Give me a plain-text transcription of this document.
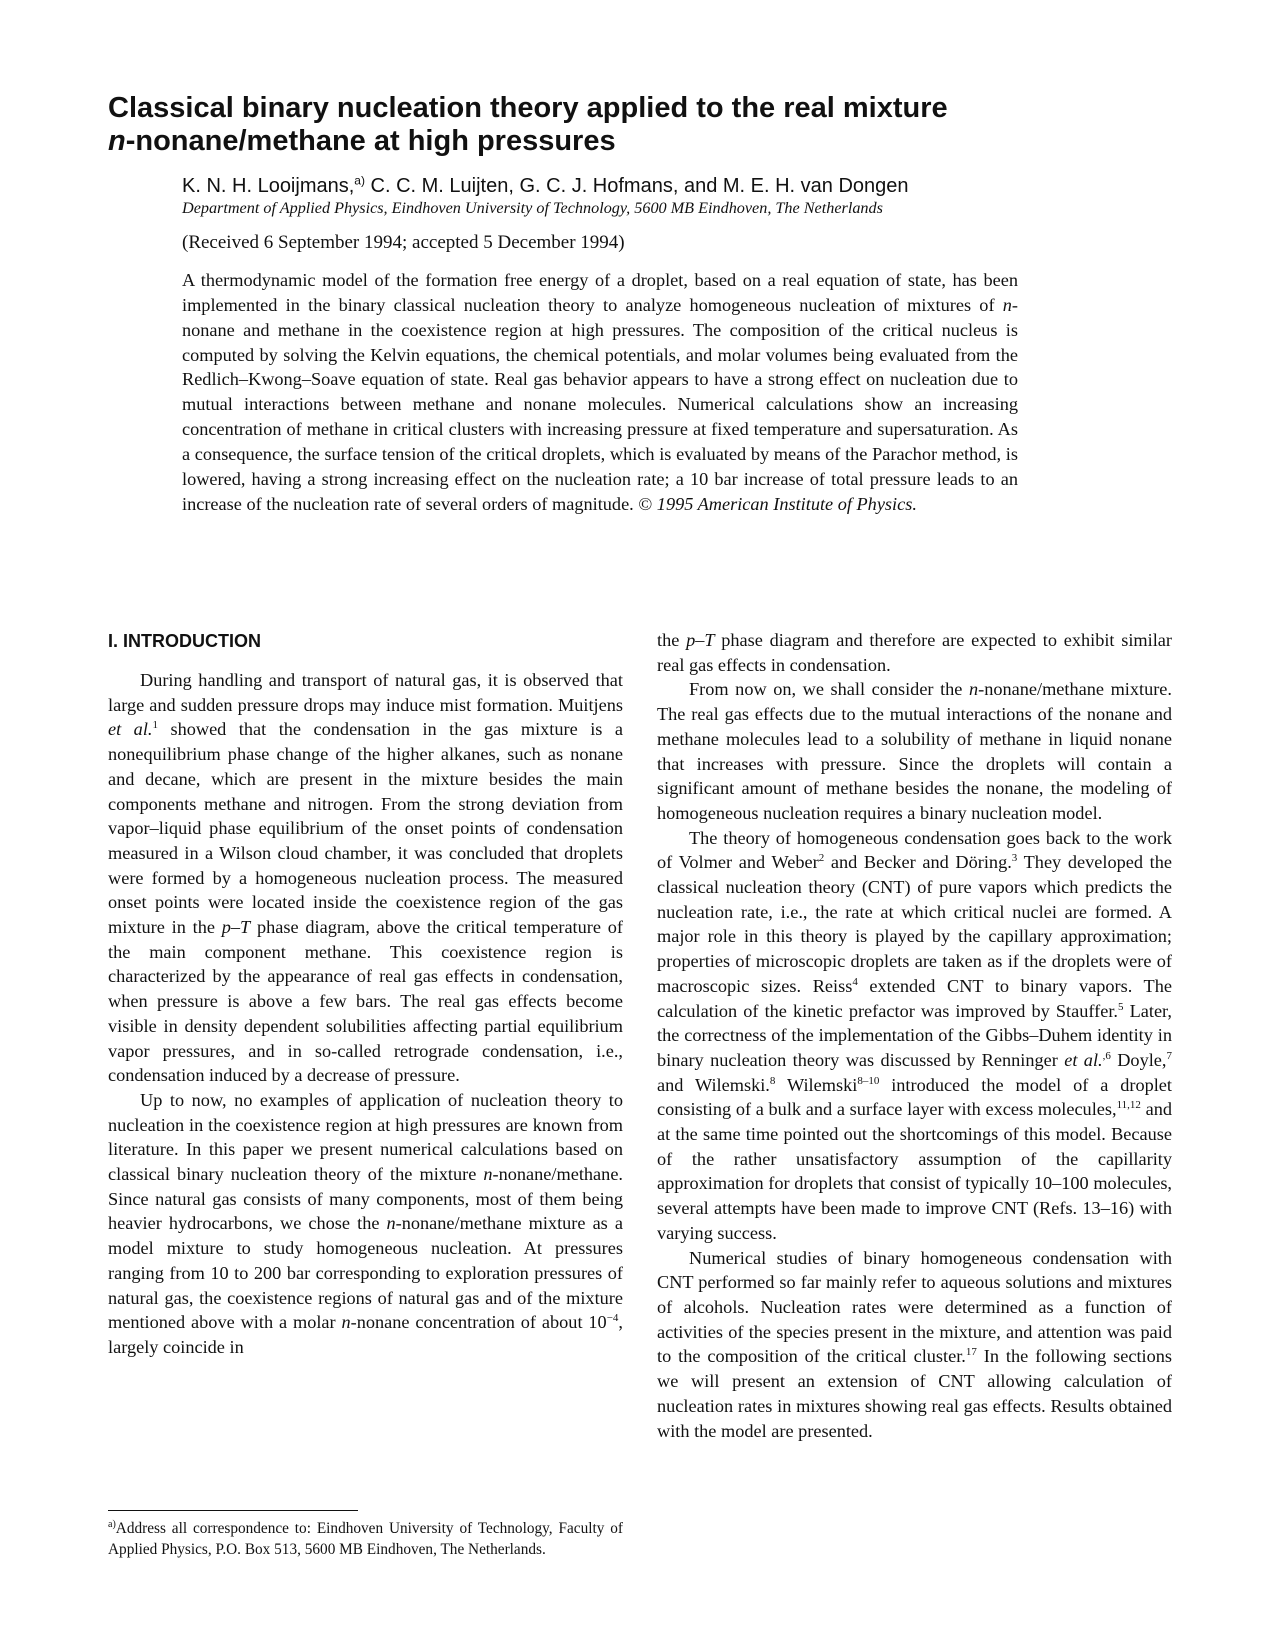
Classical binary nucleation theory applied to the real mixture
n-nonane/methane at high pressures
K. N. H. Looijmans,$^{a)}$ C. C. M. Luijten, G. C. J. Hofmans, and M. E. H. van Dongen
Department of Applied Physics, Eindhoven University of Technology, 5600 MB Eindhoven, The Netherlands
(Received 6 September 1994; accepted 5 December 1994)

A thermodynamic model of the formation free energy of a droplet, based on a real equation of state, has been implemented in the binary classical nucleation theory to analyze homogeneous nucleation of mixtures of n-nonane and methane in the coexistence region at high pressures. The composition of the critical nucleus is computed by solving the Kelvin equations, the chemical potentials, and molar volumes being evaluated from the Redlich–Kwong–Soave equation of state. Real gas behavior appears to have a strong effect on nucleation due to mutual interactions between methane and nonane molecules. Numerical calculations show an increasing concentration of methane in critical clusters with increasing pressure at fixed temperature and supersaturation. As a consequence, the surface tension of the critical droplets, which is evaluated by means of the Parachor method, is lowered, having a strong increasing effect on the nucleation rate; a 10 bar increase of total pressure leads to an increase of the nucleation rate of several orders of magnitude. © 1995 American Institute of Physics.

I. INTRODUCTION

During handling and transport of natural gas, it is observed that large and sudden pressure drops may induce mist formation. Muitjens et al.$^1$ showed that the condensation in the gas mixture is a nonequilibrium phase change of the higher alkanes, such as nonane and decane, which are present in the mixture besides the main components methane and nitrogen. From the strong deviation from vapor–liquid phase equilibrium of the onset points of condensation measured in a Wilson cloud chamber, it was concluded that droplets were formed by a homogeneous nucleation process. The measured onset points were located inside the coexistence region of the gas mixture in the p–T phase diagram, above the critical temperature of the main component methane. This coexistence region is characterized by the appearance of real gas effects in condensation, when pressure is above a few bars. The real gas effects become visible in density dependent solubilities affecting partial equilibrium vapor pressures, and in so-called retrograde condensation, i.e., condensation induced by a decrease of pressure.

Up to now, no examples of application of nucleation theory to nucleation in the coexistence region at high pressures are known from literature. In this paper we present numerical calculations based on classical binary nucleation theory of the mixture n-nonane/methane. Since natural gas consists of many components, most of them being heavier hydrocarbons, we chose the n-nonane/methane mixture as a model mixture to study homogeneous nucleation. At pressures ranging from 10 to 200 bar corresponding to exploration pressures of natural gas, the coexistence regions of natural gas and of the mixture mentioned above with a molar n-nonane concentration of about $10^{-4}$, largely coincide in

the p–T phase diagram and therefore are expected to exhibit similar real gas effects in condensation.

From now on, we shall consider the n-nonane/methane mixture. The real gas effects due to the mutual interactions of the nonane and methane molecules lead to a solubility of methane in liquid nonane that increases with pressure. Since the droplets will contain a significant amount of methane besides the nonane, the modeling of homogeneous nucleation requires a binary nucleation model.

The theory of homogeneous condensation goes back to the work of Volmer and Weber$^2$ and Becker and Döring.$^3$ They developed the classical nucleation theory (CNT) of pure vapors which predicts the nucleation rate, i.e., the rate at which critical nuclei are formed. A major role in this theory is played by the capillary approximation; properties of microscopic droplets are taken as if the droplets were of macroscopic sizes. Reiss$^4$ extended CNT to binary vapors. The calculation of the kinetic prefactor was improved by Stauffer.$^5$ Later, the correctness of the implementation of the Gibbs–Duhem identity in binary nucleation theory was discussed by Renninger et al.$^{,6}$ Doyle,$^7$ and Wilemski.$^8$ Wilemski$^{8-10}$ introduced the model of a droplet consisting of a bulk and a surface layer with excess molecules,$^{11,12}$ and at the same time pointed out the shortcomings of this model. Because of the rather unsatisfactory assumption of the capillarity approximation for droplets that consist of typically 10–100 molecules, several attempts have been made to improve CNT (Refs. 13–16) with varying success.

Numerical studies of binary homogeneous condensation with CNT performed so far mainly refer to aqueous solutions and mixtures of alcohols. Nucleation rates were determined as a function of activities of the species present in the mixture, and attention was paid to the composition of the critical cluster.$^{17}$ In the following sections we will present an extension of CNT allowing calculation of nucleation rates in mixtures showing real gas effects. Results obtained with the model are presented.

$^{a)}$Address all correspondence to: Eindhoven University of Technology, Faculty of Applied Physics, P.O. Box 513, 5600 MB Eindhoven, The Netherlands.
